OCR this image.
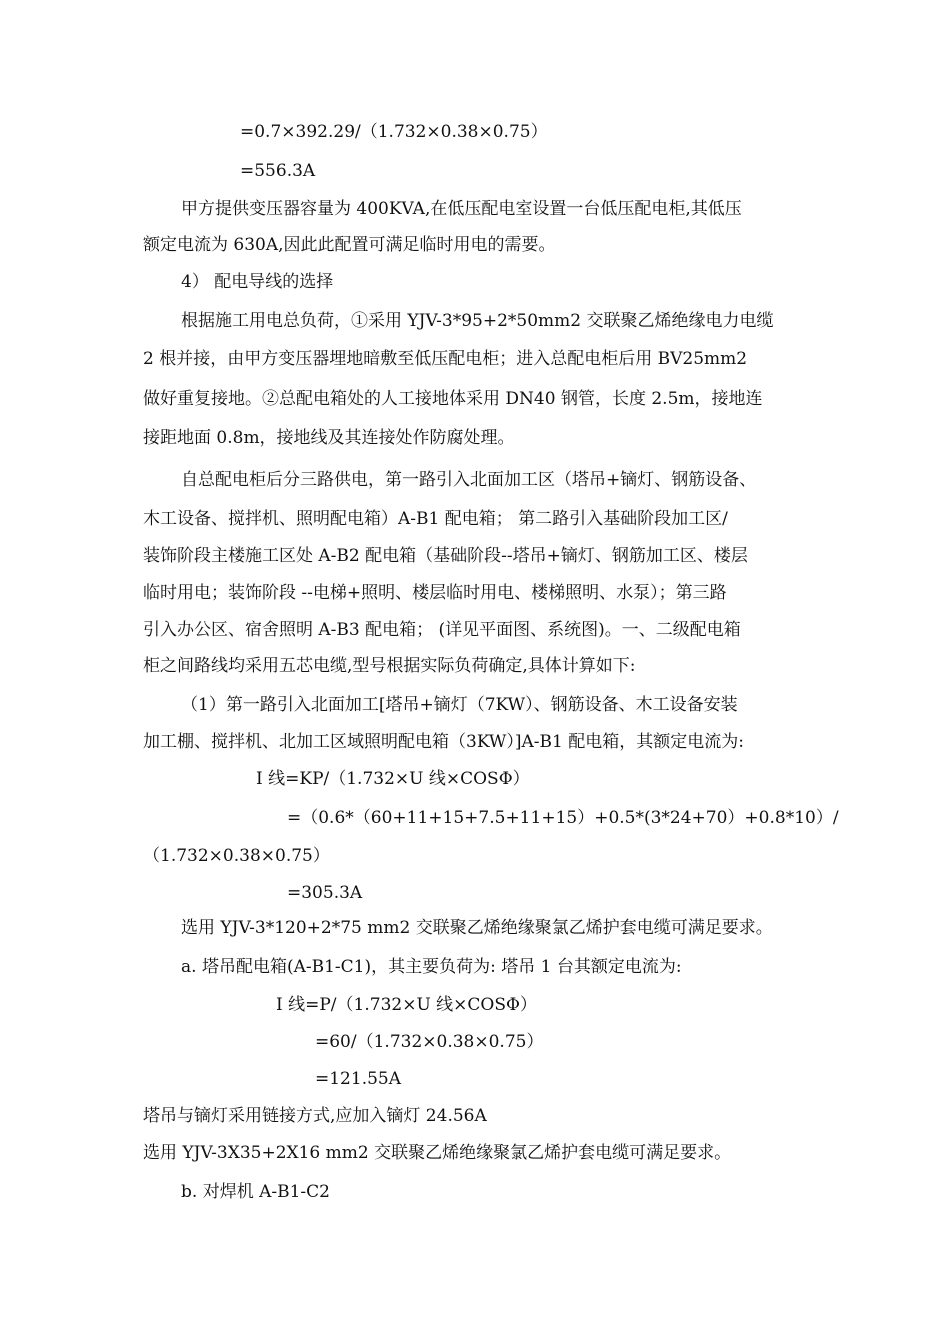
=0.7×392.29/（1.732×0.38×0.75）
=556.3A
甲方提供变压器容量为 400KVA,在低压配电室设置一台低压配电柜,其低压
额定电流为 630A,因此此配置可满足临时用电的需要。
4） 配电导线的选择
根据施工用电总负荷，①采用 YJV-3*95+2*50mm2 交联聚乙烯绝缘电力电缆
2 根并接，由甲方变压器埋地暗敷至低压配电柜；进入总配电柜后用 BV25mm2
做好重复接地。②总配电箱处的人工接地体采用 DN40 钢管，长度 2.5m，接地连
接距地面 0.8m，接地线及其连接处作防腐处理。
自总配电柜后分三路供电，第一路引入北面加工区（塔吊+镝灯、钢筋设备、
木工设备、搅拌机、照明配电箱）A-B1 配电箱； 第二路引入基础阶段加工区/
装饰阶段主楼施工区处 A-B2 配电箱（基础阶段--塔吊+镝灯、钢筋加工区、楼层
临时用电；装饰阶段 --电梯+照明、楼层临时用电、楼梯照明、水泵）；第三路
引入办公区、宿舍照明 A-B3 配电箱； (详见平面图、系统图)。一、二级配电箱
柜之间路线均采用五芯电缆,型号根据实际负荷确定,具体计算如下:
（1）第一路引入北面加工[塔吊+镝灯（7KW）、钢筋设备、木工设备安装
加工棚、搅拌机、北加工区域照明配电箱（3KW）]A-B1 配电箱，其额定电流为:
I 线=KP/（1.732×U 线×COSΦ）
=（0.6*（60+11+15+7.5+11+15）+0.5*(3*24+70）+0.8*10）/
（1.732×0.38×0.75）
=305.3A
选用 YJV-3*120+2*75 mm2 交联聚乙烯绝缘聚氯乙烯护套电缆可满足要求。
a. 塔吊配电箱(A-B1-C1)，其主要负荷为: 塔吊 1 台其额定电流为:
I 线=P/（1.732×U 线×COSΦ）
=60/（1.732×0.38×0.75）
=121.55A
塔吊与镝灯采用链接方式,应加入镝灯 24.56A
选用 YJV-3X35+2X16 mm2 交联聚乙烯绝缘聚氯乙烯护套电缆可满足要求。
b. 对焊机 A-B1-C2
